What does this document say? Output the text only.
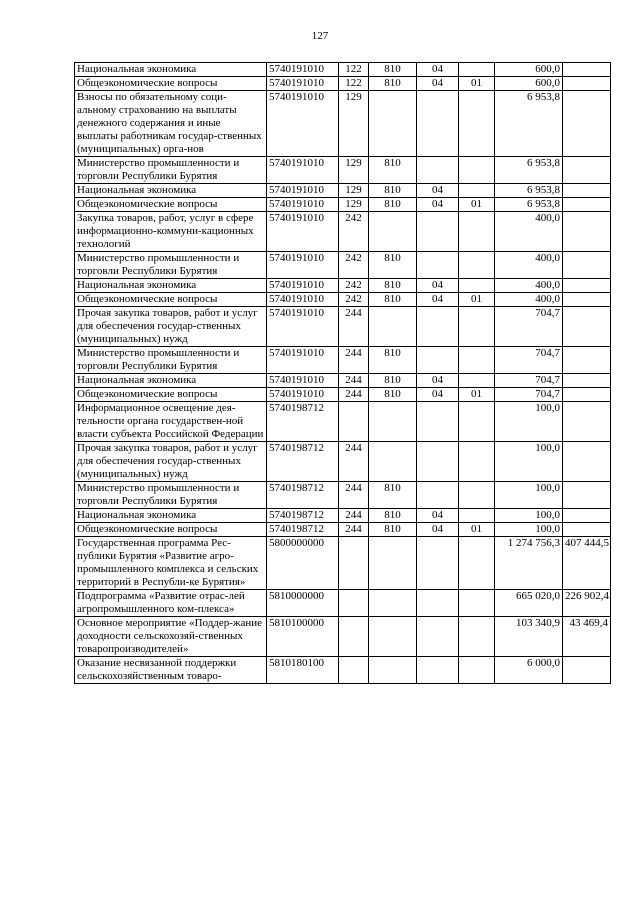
127
Национальная экономика	5740191010	122	810	04		600,0	
Общеэкономические вопросы	5740191010	122	810	04	01	600,0	
Взносы по обязательному соци-альному страхованию на выплаты денежного содержания и иные выплаты работникам государ-ственных (муниципальных) орга-нов	5740191010	129				6 953,8	
Министерство промышленности и торговли Республики Бурятия	5740191010	129	810			6 953,8	
Национальная экономика	5740191010	129	810	04		6 953,8	
Общеэкономические вопросы	5740191010	129	810	04	01	6 953,8	
Закупка товаров, работ, услуг в сфере информационно-коммуни-кационных технологий	5740191010	242				400,0	
Министерство промышленности и торговли Республики Бурятия	5740191010	242	810			400,0	
Национальная экономика	5740191010	242	810	04		400,0	
Общеэкономические вопросы	5740191010	242	810	04	01	400,0	
Прочая закупка товаров, работ и услуг для обеспечения государ-ственных (муниципальных) нужд	5740191010	244				704,7	
Министерство промышленности и торговли Республики Бурятия	5740191010	244	810			704,7	
Национальная экономика	5740191010	244	810	04		704,7	
Общеэкономические вопросы	5740191010	244	810	04	01	704,7	
Информационное освещение дея-тельности органа государствен-ной власти субъекта Российской Федерации	5740198712					100,0	
Прочая закупка товаров, работ и услуг для обеспечения государ-ственных (муниципальных) нужд	5740198712	244				100,0	
Министерство промышленности и торговли Республики Бурятия	5740198712	244	810			100,0	
Национальная экономика	5740198712	244	810	04		100,0	
Общеэкономические вопросы	5740198712	244	810	04	01	100,0	
Государственная программа Рес-публики Бурятия «Развитие агро-промышленного комплекса и сельских территорий в Республи-ке Бурятия»	5800000000					1 274 756,3	407 444,5
Подпрограмма «Развитие отрас-лей агропромышленного ком-плекса»	5810000000					665 020,0	226 902,4
Основное мероприятие «Поддер-жание доходности сельскохозяй-ственных товаропроизводителей»	5810100000					103 340,9	43 469,4
Оказание несвязанной поддержки сельскохозяйственным товаро-	5810180100					6 000,0	
